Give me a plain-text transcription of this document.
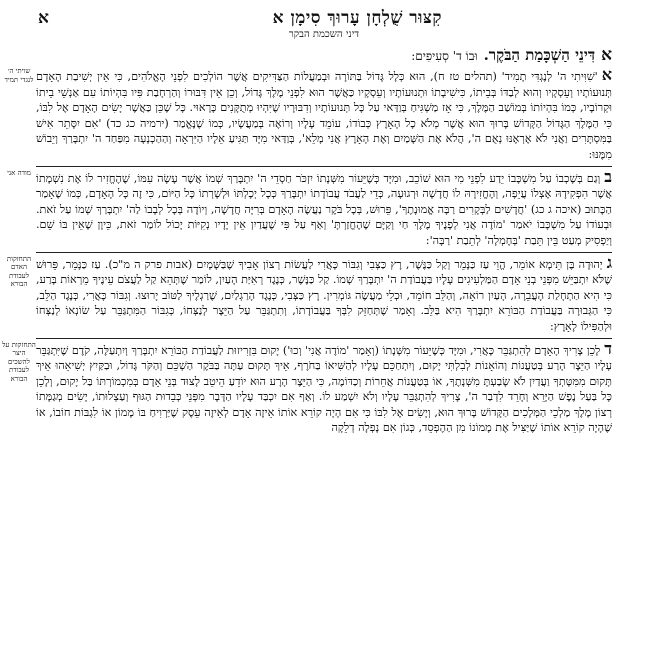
קִצּוּר שֻׁלְחָן עָרוּךְ סִימָן א
א
דיני השכמת הבקר
אדִּינֵי הַשְׁכָּמַת הַבֹּקֶר.וּבוֹ ד' סְעִיפִים:
שויתי ה׳ לנגדי תמיד	א'שִׁוִּיתִי ה' לְנֶגְדִּי תָמִיד' (תהלים טז ח), הוּא כְּלָל גָּדוֹל בַּתּוֹרָה וּבְמַעֲלוֹת הַצַּדִּיקִים אֲשֶׁר הוֹלְכִים לִפְנֵי הָאֱלֹהִים, כִּי אֵין יְשִׁיבַת הָאָדָם תְּנוּעוֹתָיו וְעֵסְקָיו וְהוּא לְבַדּוֹ בְּבֵיתוֹ, כִּישִׁיבָתוֹ וּתְנוּעוֹתָיו וְעֵסְקָיו כַּאֲשֶׁר הוּא לִפְנֵי מֶלֶךְ גָּדוֹל, וְכֵן אֵין דִּבּוּרוֹ וְהַרְחָבַת פִּיו בִּהְיוֹתוֹ עִם אַנְשֵׁי בֵיתוֹ וּקְרוֹבָיו, כְּמוֹ בִּהְיוֹתוֹ בְּמוֹשַׁב הַמֶּלֶךְ, כִּי אָז מַשְׁגִּיחַ בְּוַדַּאי עַל כָּל תְּנוּעוֹתָיו וְדִבּוּרָיו שֶׁיִּהְיוּ מְתֻקָּנִים כָּרָאוּי. כָּל שֶׁכֵּן כַּאֲשֶׁר יָשִׂים הָאָדָם אֶל לִבּוֹ, כִּי הַמֶּלֶךְ הַגָּדוֹל הַקָּדוֹשׁ בָּרוּךְ הוּא אֲשֶׁר מְלֹא כָל הָאָרֶץ כְּבוֹדוֹ, עוֹמֵד עָלָיו וְרוֹאֶה בְּמַעֲשָׂיו, כְּמוֹ שֶׁנֶּאֱמַר (ירמיה כג כד) 'אִם יִסָּתֵר אִישׁ בַּמִּסְתָּרִים וַאֲנִי לֹא אֶרְאֶנּוּ נְאֻם ה', הֲלֹא אֶת הַשָּׁמַיִם וְאֶת הָאָרֶץ אֲנִי מָלֵא', בְּוַדַּאי מִיָּד תַּגִּיעַ אֵלָיו הַיִּרְאָה וְהַהַכְנָעָה מִפַּחַד ה' יִתְבָּרַךְ וְיֵבוֹשׁ מִמֶּנּוּ:
מודה אני	בוְגַם בְּשָׁכְבוֹ עַל מִשְׁכָּבוֹ יֵדַע לִפְנֵי מִי הוּא שׁוֹכֵב, וּמִיָּד כְּשֶׁיֵּעוֹר מִשְּׁנָתוֹ יִזְכֹּר חַסְדֵי ה' יִתְבָּרַךְ שְׁמוֹ אֲשֶׁר עָשָׂה עִמּוֹ, שֶׁהֶחֱזִיר לוֹ אֶת נִשְׁמָתוֹ אֲשֶׁר הִפְקִידָהּ אֶצְלוֹ עֲיֵפָה, וְהֶחֱזִירָהּ לוֹ חֲדָשָׁה וּרְגוּעָה, כְּדֵי לַעֲבֹד עֲבוֹדָתוֹ יִתְבָּרַךְ כְּכָל יְכָלְתּוֹ וּלְשָׁרְתוֹ כָּל הַיּוֹם, כִּי זֶה כָּל הָאָדָם, כְּמוֹ שֶׁאָמַר הַכָּתוּב (איכה ג כג) 'חֲדָשִׁים לַבְּקָרִים רַבָּה אֱמוּנָתֶךָ', פֵּרוּשׁ, בְּכָל בֹּקֶר נַעֲשֶׂה הָאָדָם בְּרִיָּה חֲדָשָׁה, וְיוֹדֶה בְּכָל לְבָבוֹ לַה' יִתְבָּרַךְ שְׁמוֹ עַל זֹאת. וּבְעוֹדוֹ עַל מִשְׁכָּבוֹ יֹאמַר 'מוֹדֶה אֲנִי לְפָנֶיךָ מֶלֶךְ חַי וְקַיָּם שֶׁהֶחֱזַרְתָּ' וְאַף עַל פִּי שֶׁעֲדַיִן אֵין יָדָיו נְקִיּוֹת יָכוֹל לוֹמַר זֹאת, כֵּיוָן שֶׁאֵין בּוֹ שֵׁם. וְיַפְסִיק מְעַט בֵּין תֵּבַת 'בְּחֶמְלָה' לְתֵבַת 'רַבָּה':
התחזקות האדם לעבודת הבורא
גיְהוּדָה בֶּן תֵּימָא אוֹמֵר, הֱוֵי עַז כַּנָּמֵר וְקַל כַּנֶּשֶׁר, רָץ כַּצְּבִי וְגִבּוֹר כָּאֲרִי לַעֲשׂוֹת רְצוֹן אָבִיךָ שֶׁבַּשָּׁמָיִם (אבות פרק ה מ"כ). עַז כַּנָּמֵר, פֵּרוּשׁ שֶׁלֹּא יִתְבַּיֵּשׁ מִפְּנֵי בְנֵי אָדָם הַמַּלְעִיגִים עָלָיו בַּעֲבוֹדַת ה' יִתְבָּרַךְ שְׁמוֹ. קַל כַּנֶּשֶׁר, כְּנֶגֶד רְאִיַּת הָעַיִן, לוֹמַר שֶׁתְּהֵא קַל לַעֲצֹם עֵינֶיךָ מֵרְאוֹת בָּרַע, כִּי הִיא הַתְחָלַת הָעֲבֵרָה, הָעַיִן רוֹאָה, וְהַלֵּב חוֹמֵד, וּכְלֵי מַעֲשֶׂה גּוֹמְרִין. רָץ כַּצְּבִי, כְּנֶגֶד הָרַגְלַיִם, שֶׁרַגְלֶיךָ לַטּוֹב יָרוּצוּ. וְגִבּוֹר כָּאֲרִי, כְּנֶגֶד הַלֵּב, כִּי הַגְּבוּרָה בַּעֲבוֹדַת הַבּוֹרֵא יִתְבָּרַךְ הִיא בַּלֵּב. וְאָמַר שֶׁתְּחַזֵּק לִבְּךָ בַּעֲבוֹדָתוֹ, וְתִתְגַּבֵּר עַל הַיֵּצֶר לְנַצְּחוֹ, כְּגִבּוֹר הַמִּתְגַּבֵּר עַל שׂוֹנְאוֹ לְנַצְּחוֹ וּלְהַפִּילוֹ לָאָרֶץ:
התחזקות על היצר להשכים לעבודת הבורא
דלָכֵן צָרִיךְ הָאָדָם לְהִתְגַּבֵּר כָּאֲרִי, וּמִיָּד כְּשֶׁיֵּעוֹר מִשְּׁנָתוֹ (וְאָמַר 'מוֹדֶה אֲנִי' וְכוּ') יָקוּם בִּזְרִיזוּת לַעֲבוֹדַת הַבּוֹרֵא יִתְבָּרַךְ וְיִתְעַלֶּה, קֹדֶם שֶׁיִּתְגַּבֵּר עָלָיו הַיֵּצֶר הָרַע בְּטַעֲנוֹת וְהוֹאָנוֹת לְבִלְתִּי יָקוּם, וְיִתְחַכֵּם עָלָיו לְהַשִּׁיאוֹ בַּחֹרֶף, אֵיךְ תָּקוּם עַתָּה בַּבֹּקֶר הַשְׁכֵּם וְהַקֹּר גָּדוֹל, וּבַקַּיִץ יְשִׁיאֵהוּ אֵיךְ תָּקוּם מִמִּטָּתְךָ וַעֲדַיִן לֹא שָׂבַעְתָּ מִשְּׁנָתֶךָ, אוֹ בְּטַעֲנוֹת אֲחֵרוֹת וְכַדּוֹמֶה, כִּי הַיֵּצֶר הָרָע הוּא יוֹדֵעַ הֵיטֵב לָצוּד בְּנֵי אָדָם בְּמִכְמוֹרְתּוֹ בַּל יָקוּם, וְלָכֵן כָּל בַּעַל נֶפֶשׁ הַיָּרֵא וְחָרֵד לִדְבַר ה', צָרִיךְ לְהִתְגַּבֵּר עָלָיו וְלֹא יִשְׁמַע לוֹ. וְאַף אִם יִכְבַּד עָלָיו הַדָּבָר מִפְּנֵי כְּבֵדוּת הַגּוּף וְעַצְלוּתוֹ, יָשִׂים מְגַמָּתוֹ רְצוֹן מֶלֶךְ מַלְכֵי הַמְּלָכִים הַקָּדוֹשׁ בָּרוּךְ הוּא, וְיָשִׂים אֶל לִבּוֹ כִּי אִם הָיָה קוֹרֵא אוֹתוֹ אֵיזֶה אָדָם לְאֵיזֶה עֵסֶק שֶׁיַּרְוִיחַ בּוֹ מָמוֹן אוֹ לִגְבּוֹת חוֹבוֹ, אוֹ שֶׁהָיָה קוֹרֵא אוֹתוֹ שֶׁיַּצִּיל אֶת מָמוֹנוֹ מִן הַהֶפְסֵד, כְּגוֹן אִם נָפְלָה דְלֵקָה
